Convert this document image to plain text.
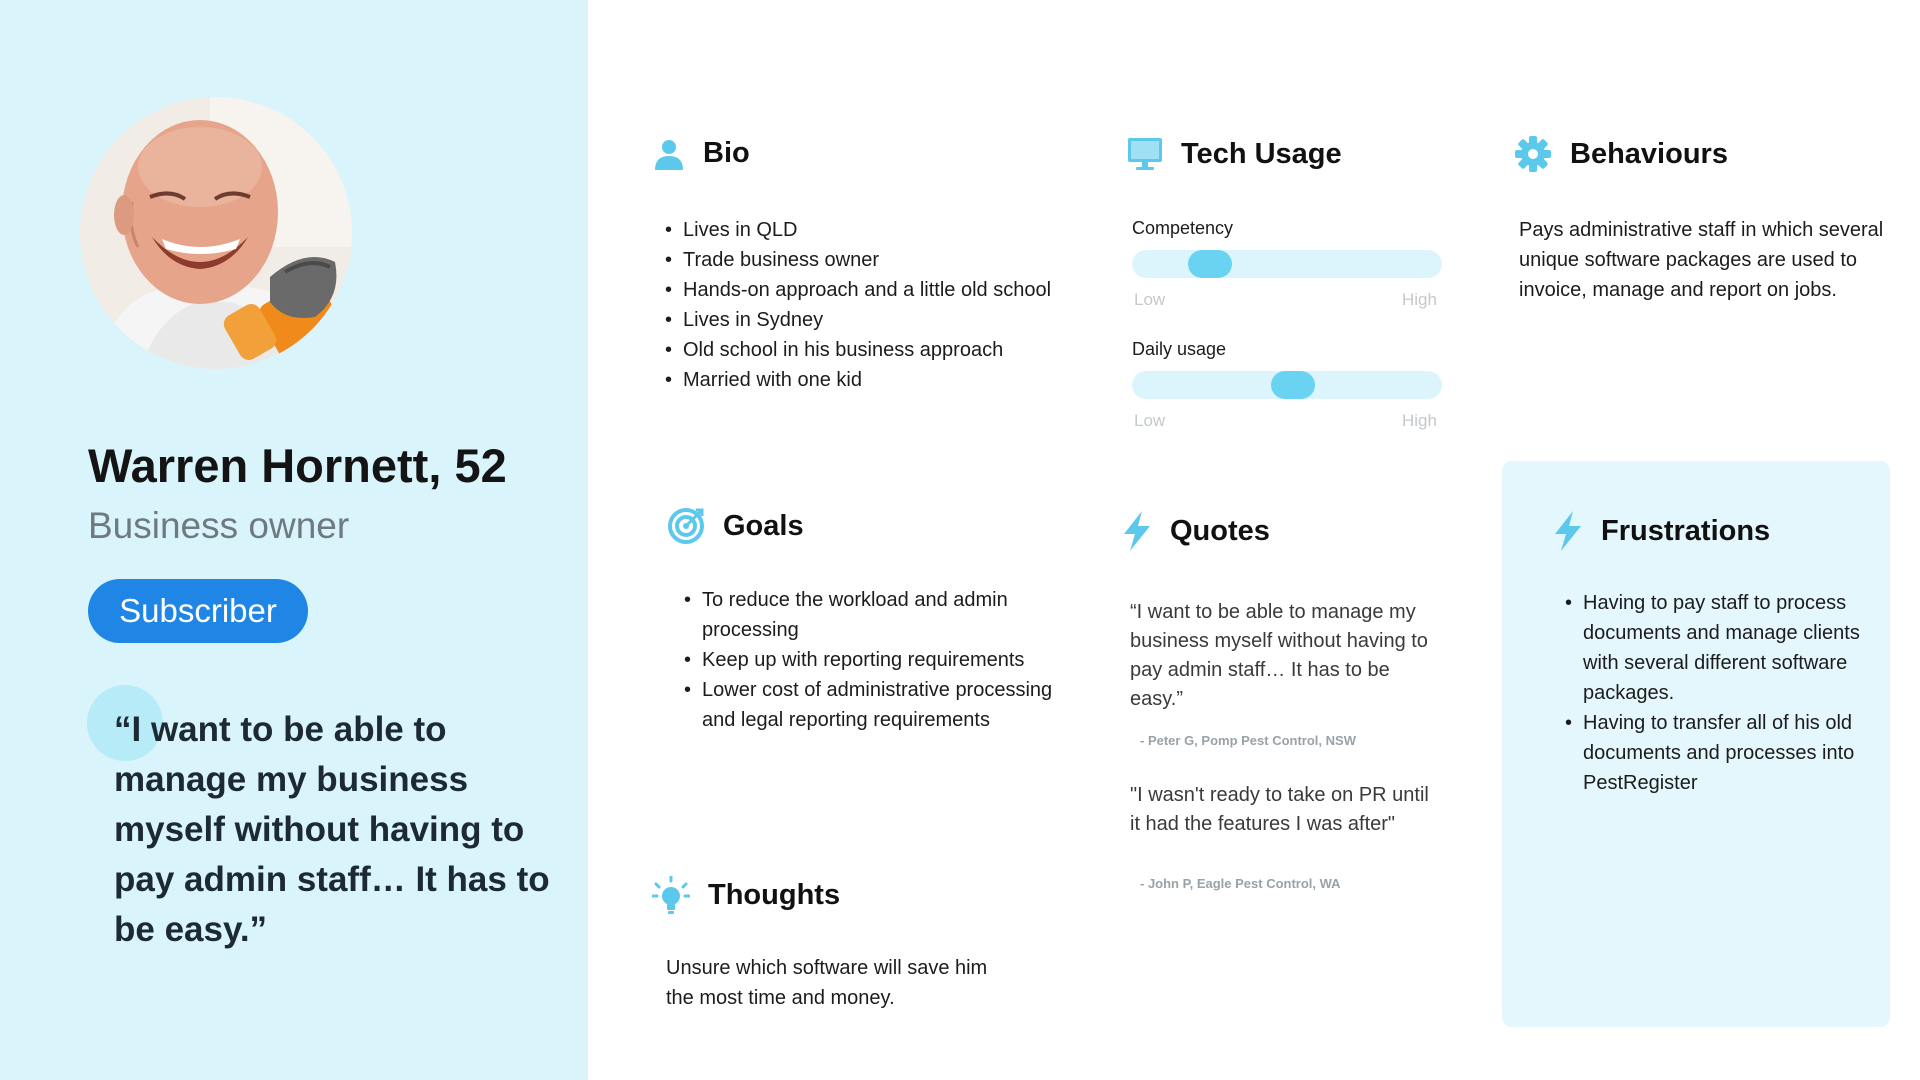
Warren Hornett, 52
Business owner
Subscriber
“I want to be able to manage my business myself without having to pay admin staff… It has to be easy.”
Bio
• Lives in QLD
• Trade business owner
• Hands-on approach and a little old school
• Lives in Sydney
• Old school in his business approach
• Married with one kid
Tech Usage
Competency
Low	High
Daily usage
Low	High
Behaviours
Pays administrative staff in which several unique software packages are used to invoice, manage and report on jobs.
Goals
• To reduce the workload and admin processing
• Keep up with reporting requirements
• Lower cost of administrative processing and legal reporting requirements
Quotes
“I want to be able to manage my business myself without having to pay admin staff… It has to be easy.”
- Peter G, Pomp Pest Control, NSW
"I wasn't ready to take on PR until it had the features I was after"
- John P, Eagle Pest Control, WA
Frustrations
• Having to pay staff to process documents and manage clients with several different software packages.
• Having to transfer all of his old documents and processes into PestRegister
Thoughts
Unsure which software will save him the most time and money.
